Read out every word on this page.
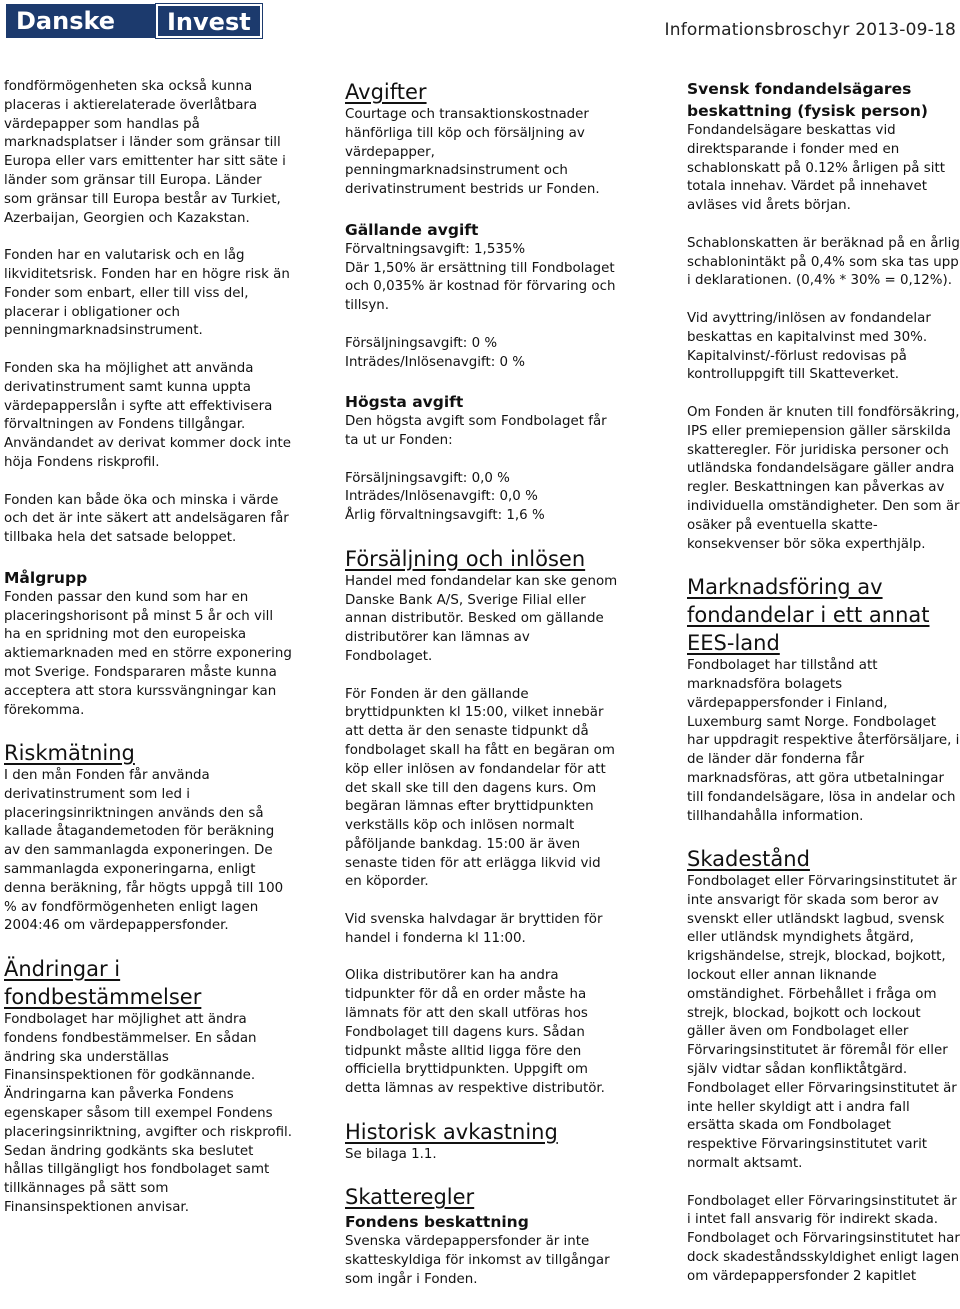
Danske	Invest	Informationsbroschyr 2013-09-18

fondförmögenheten ska också kunna placeras i aktierelaterade överlåtbara värdepapper som handlas på marknadsplatser i länder som gränsar till Europa eller vars emittenter har sitt säte i länder som gränsar till Europa. Länder som gränsar till Europa består av Turkiet, Azerbaijan, Georgien och Kazakstan.

Fonden har en valutarisk och en låg likviditetsrisk. Fonden har en högre risk än Fonder som enbart, eller till viss del, placerar i obligationer och penningmarknadsinstrument.

Fonden ska ha möjlighet att använda derivatinstrument samt kunna uppta värdepapperslån i syfte att effektivisera förvaltningen av Fondens tillgångar. Användandet av derivat kommer dock inte höja Fondens riskprofil.

Fonden kan både öka och minska i värde och det är inte säkert att andelsägaren får tillbaka hela det satsade beloppet.

Målgrupp

Fonden passar den kund som har en placeringshorisont på minst 5 år och vill ha en spridning mot den europeiska aktiemarknaden med en större exponering mot Sverige. Fondspararen måste kunna acceptera att stora kurssvängningar kan förekomma.

Riskmätning

I den mån Fonden får använda derivatinstrument som led i placeringsinriktningen används den så kallade åtagandemetoden för beräkning av den sammanlagda exponeringen. De sammanlagda exponeringarna, enligt denna beräkning, får högts uppgå till 100 % av fondförmögenheten enligt lagen 2004:46 om värdepappersfonder.

Ändringar i fondbestämmelser

Fondbolaget har möjlighet att ändra fondens fondbestämmelser. En sådan ändring ska underställas Finansinspektionen för godkännande. Ändringarna kan påverka Fondens egenskaper såsom till exempel Fondens placeringsinriktning, avgifter och riskprofil. Sedan ändring godkänts ska beslutet hållas tillgängligt hos fondbolaget samt tillkännages på sätt som Finansinspektionen anvisar.

Avgifter

Courtage och transaktionskostnader hänförliga till köp och försäljning av värdepapper, penningmarknadsinstrument och derivatinstrument bestrids ur Fonden.

Gällande avgift

Förvaltningsavgift: 1,535%

Där 1,50% är ersättning till Fondbolaget och 0,035% är kostnad för förvaring och tillsyn.

Försäljningsavgift: 0 %

Inträdes/Inlösenavgift: 0 %

Högsta avgift

Den högsta avgift som Fondbolaget får ta ut ur Fonden:

Försäljningsavgift: 0,0 %

Inträdes/Inlösenavgift: 0,0 %

Årlig förvaltningsavgift: 1,6 %

Försäljning och inlösen

Handel med fondandelar kan ske genom Danske Bank A/S, Sverige Filial eller annan distributör. Besked om gällande distributörer kan lämnas av Fondbolaget.

För Fonden är den gällande bryttidpunkten kl 15:00, vilket innebär att detta är den senaste tidpunkt då fondbolaget skall ha fått en begäran om köp eller inlösen av fondandelar för att det skall ske till den dagens kurs. Om begäran lämnas efter bryttidpunkten verkställs köp och inlösen normalt påföljande bankdag. 15:00 är även senaste tiden för att erlägga likvid vid en köporder.

Vid svenska halvdagar är bryttiden för handel i fonderna kl 11:00.

Olika distributörer kan ha andra tidpunkter för då en order måste ha lämnats för att den skall utföras hos Fondbolaget till dagens kurs. Sådan tidpunkt måste alltid ligga före den officiella bryttidpunkten. Uppgift om detta lämnas av respektive distributör.

Historisk avkastning

Se bilaga 1.1.

Skatteregler
Fondens beskattning

Svenska värdepappersfonder är inte skatteskyldiga för inkomst av tillgångar som ingår i Fonden.

Svensk fondandelsägares beskattning (fysisk person)

Fondandelsägare beskattas vid direktsparande i fonder med en schablonskatt på 0.12% årligen på sitt totala innehav. Värdet på innehavet avläses vid årets början.

Schablonskatten är beräknad på en årlig schablonintäkt på 0,4% som ska tas upp i deklarationen. (0,4% * 30% = 0,12%).

Vid avyttring/inlösen av fondandelar beskattas en kapitalvinst med 30%. Kapitalvinst/-förlust redovisas på kontrolluppgift till Skatteverket.

Om Fonden är knuten till fondförsäkring, IPS eller premiepension gäller särskilda skatteregler. För juridiska personer och utländska fondandelsägare gäller andra regler. Beskattningen kan påverkas av individuella omständigheter. Den som är osäker på eventuella skatte-konsekvenser bör söka experthjälp.

Marknadsföring av fondandelar i ett annat EES-land

Fondbolaget har tillstånd att marknadsföra bolagets värdepappersfonder i Finland, Luxemburg samt Norge. Fondbolaget har uppdragit respektive återförsäljare, i de länder där fonderna får marknadsföras, att göra utbetalningar till fondandelsägare, lösa in andelar och tillhandahålla information.

Skadestånd

Fondbolaget eller Förvaringsinstitutet är inte ansvarigt för skada som beror av svenskt eller utländskt lagbud, svensk eller utländsk myndighets åtgärd, krigshändelse, strejk, blockad, bojkott, lockout eller annan liknande omständighet. Förbehållet i fråga om strejk, blockad, bojkott och lockout gäller även om Fondbolaget eller Förvaringsinstitutet är föremål för eller själv vidtar sådan konfliktåtgärd. Fondbolaget eller Förvaringsinstitutet är inte heller skyldigt att i andra fall ersätta skada om Fondbolaget respektive Förvaringsinstitutet varit normalt aktsamt.

Fondbolaget eller Förvaringsinstitutet är i intet fall ansvarig för indirekt skada. Fondbolaget och Förvaringsinstitutet har dock skadeståndsskyldighet enligt lagen om värdepappersfonder 2 kapitlet
